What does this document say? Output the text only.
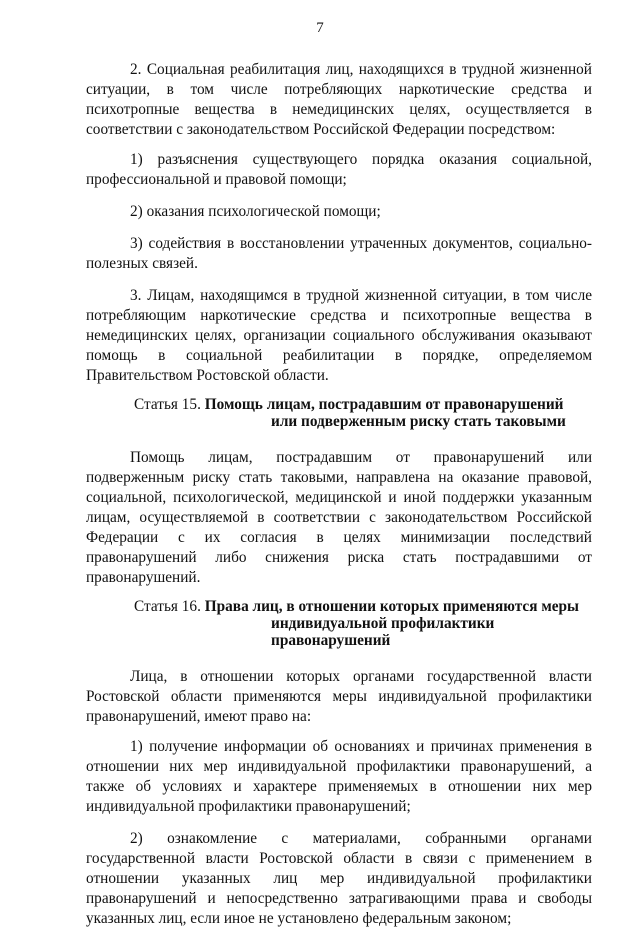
7

2. Социальная реабилитация лиц, находящихся в трудной жизненной ситуации, в том числе потребляющих наркотические средства и психотропные вещества в немедицинских целях, осуществляется в соответствии с законодательством Российской Федерации посредством:

1) разъяснения существующего порядка оказания социальной, профессиональной и правовой помощи;

2) оказания психологической помощи;

3) содействия в восстановлении утраченных документов, социально-полезных связей.

3. Лицам, находящимся в трудной жизненной ситуации, в том числе потребляющим наркотические средства и психотропные вещества в немедицинских целях, организации социального обслуживания оказывают помощь в социальной реабилитации в порядке, определяемом Правительством Ростовской области.

Статья 15. Помощь лицам, пострадавшим от правонарушений или подверженным риску стать таковыми

Помощь лицам, пострадавшим от правонарушений или подверженным риску стать таковыми, направлена на оказание правовой, социальной, психологической, медицинской и иной поддержки указанным лицам, осуществляемой в соответствии с законодательством Российской Федерации с их согласия в целях минимизации последствий правонарушений либо снижения риска стать пострадавшими от правонарушений.

Статья 16. Права лиц, в отношении которых применяются меры индивидуальной профилактики правонарушений

Лица, в отношении которых органами государственной власти Ростовской области применяются меры индивидуальной профилактики правонарушений, имеют право на:

1) получение информации об основаниях и причинах применения в отношении них мер индивидуальной профилактики правонарушений, а также об условиях и характере применяемых в отношении них мер индивидуальной профилактики правонарушений;

2) ознакомление с материалами, собранными органами государственной власти Ростовской области в связи с применением в отношении указанных лиц мер индивидуальной профилактики правонарушений и непосредственно затрагивающими права и свободы указанных лиц, если иное не установлено федеральным законом;
